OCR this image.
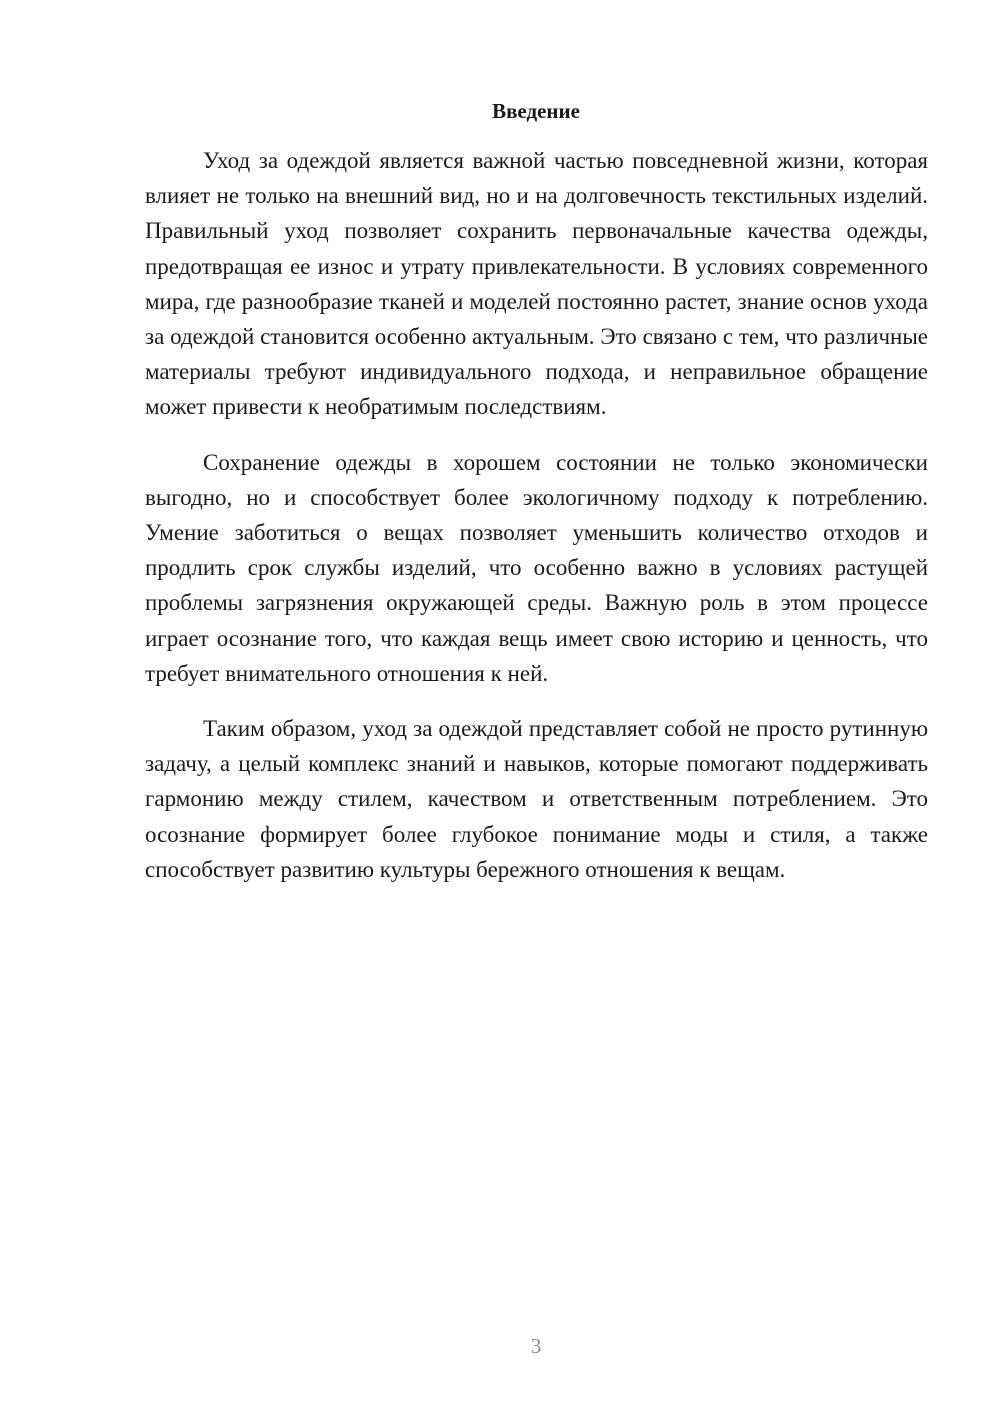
Введение

Уход за одеждой является важной частью повседневной жизни, которая влияет не только на внешний вид, но и на долговечность текстильных изделий. Правильный уход позволяет сохранить первоначальные качества одежды, предотвращая ее износ и утрату привлекательности. В условиях современного мира, где разнообразие тканей и моделей постоянно растет, знание основ ухода за одеждой становится особенно актуальным. Это связано с тем, что различные материалы требуют индивидуального подхода, и неправильное обращение может привести к необратимым последствиям.

Сохранение одежды в хорошем состоянии не только экономически выгодно, но и способствует более экологичному подходу к потреблению. Умение заботиться о вещах позволяет уменьшить количество отходов и продлить срок службы изделий, что особенно важно в условиях растущей проблемы загрязнения окружающей среды. Важную роль в этом процессе играет осознание того, что каждая вещь имеет свою историю и ценность, что требует внимательного отношения к ней.

Таким образом, уход за одеждой представляет собой не просто рутинную задачу, а целый комплекс знаний и навыков, которые помогают поддерживать гармонию между стилем, качеством и ответственным потреблением. Это осознание формирует более глубокое понимание моды и стиля, а также способствует развитию культуры бережного отношения к вещам.

3
